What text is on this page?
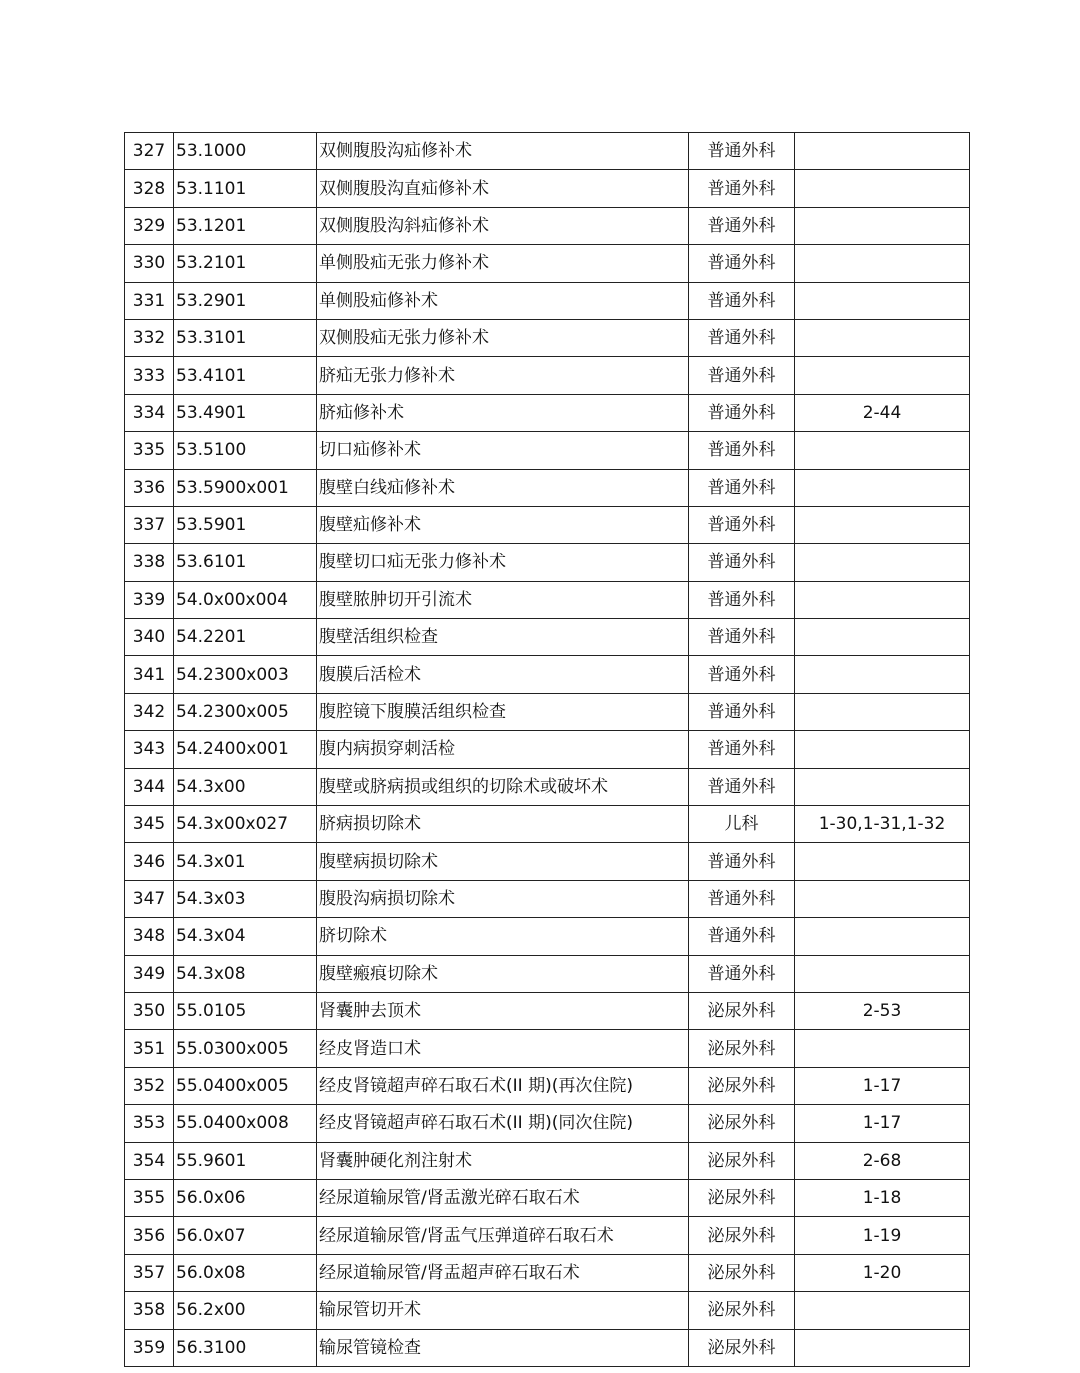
327	53.1000	双侧腹股沟疝修补术	普通外科	
328	53.1101	双侧腹股沟直疝修补术	普通外科	
329	53.1201	双侧腹股沟斜疝修补术	普通外科	
330	53.2101	单侧股疝无张力修补术	普通外科	
331	53.2901	单侧股疝修补术	普通外科	
332	53.3101	双侧股疝无张力修补术	普通外科	
333	53.4101	脐疝无张力修补术	普通外科	
334	53.4901	脐疝修补术	普通外科	2-44
335	53.5100	切口疝修补术	普通外科	
336	53.5900x001	腹壁白线疝修补术	普通外科	
337	53.5901	腹壁疝修补术	普通外科	
338	53.6101	腹壁切口疝无张力修补术	普通外科	
339	54.0x00x004	腹壁脓肿切开引流术	普通外科	
340	54.2201	腹壁活组织检查	普通外科	
341	54.2300x003	腹膜后活检术	普通外科	
342	54.2300x005	腹腔镜下腹膜活组织检查	普通外科	
343	54.2400x001	腹内病损穿刺活检	普通外科	
344	54.3x00	腹壁或脐病损或组织的切除术或破坏术	普通外科	
345	54.3x00x027	脐病损切除术	儿科	1-30,1-31,1-32
346	54.3x01	腹壁病损切除术	普通外科	
347	54.3x03	腹股沟病损切除术	普通外科	
348	54.3x04	脐切除术	普通外科	
349	54.3x08	腹壁瘢痕切除术	普通外科	
350	55.0105	肾囊肿去顶术	泌尿外科	2-53
351	55.0300x005	经皮肾造口术	泌尿外科	
352	55.0400x005	经皮肾镜超声碎石取石术(II 期)(再次住院)	泌尿外科	1-17
353	55.0400x008	经皮肾镜超声碎石取石术(II 期)(同次住院)	泌尿外科	1-17
354	55.9601	肾囊肿硬化剂注射术	泌尿外科	2-68
355	56.0x06	经尿道输尿管/肾盂激光碎石取石术	泌尿外科	1-18
356	56.0x07	经尿道输尿管/肾盂气压弹道碎石取石术	泌尿外科	1-19
357	56.0x08	经尿道输尿管/肾盂超声碎石取石术	泌尿外科	1-20
358	56.2x00	输尿管切开术	泌尿外科	
359	56.3100	输尿管镜检查	泌尿外科	
